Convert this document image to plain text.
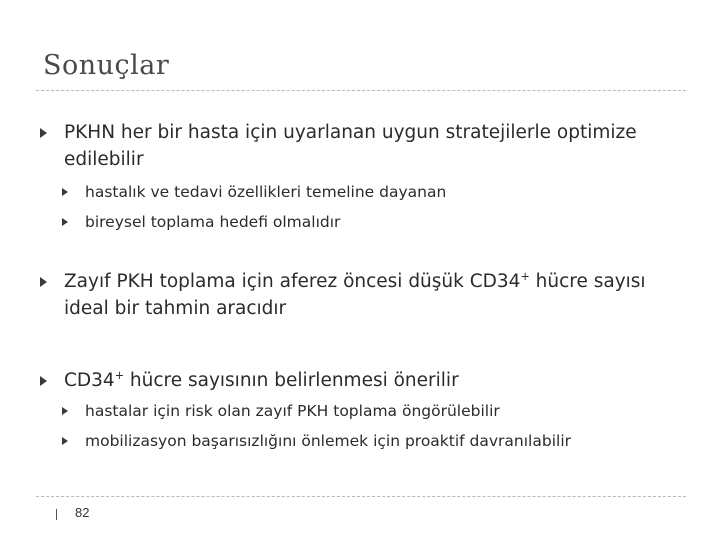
Sonuçlar
PKHN her bir hasta için uyarlanan uygun stratejilerle optimize edilebilir
hastalık ve tedavi özellikleri temeline dayanan
bireysel toplama hedefi olmalıdır
Zayıf PKH toplama için aferez öncesi düşük CD34+ hücre sayısı ideal bir tahmin aracıdır
CD34+ hücre sayısının belirlenmesi önerilir
hastalar için risk olan zayıf PKH toplama öngörülebilir
mobilizasyon başarısızlığını önlemek için proaktif davranılabilir
82
